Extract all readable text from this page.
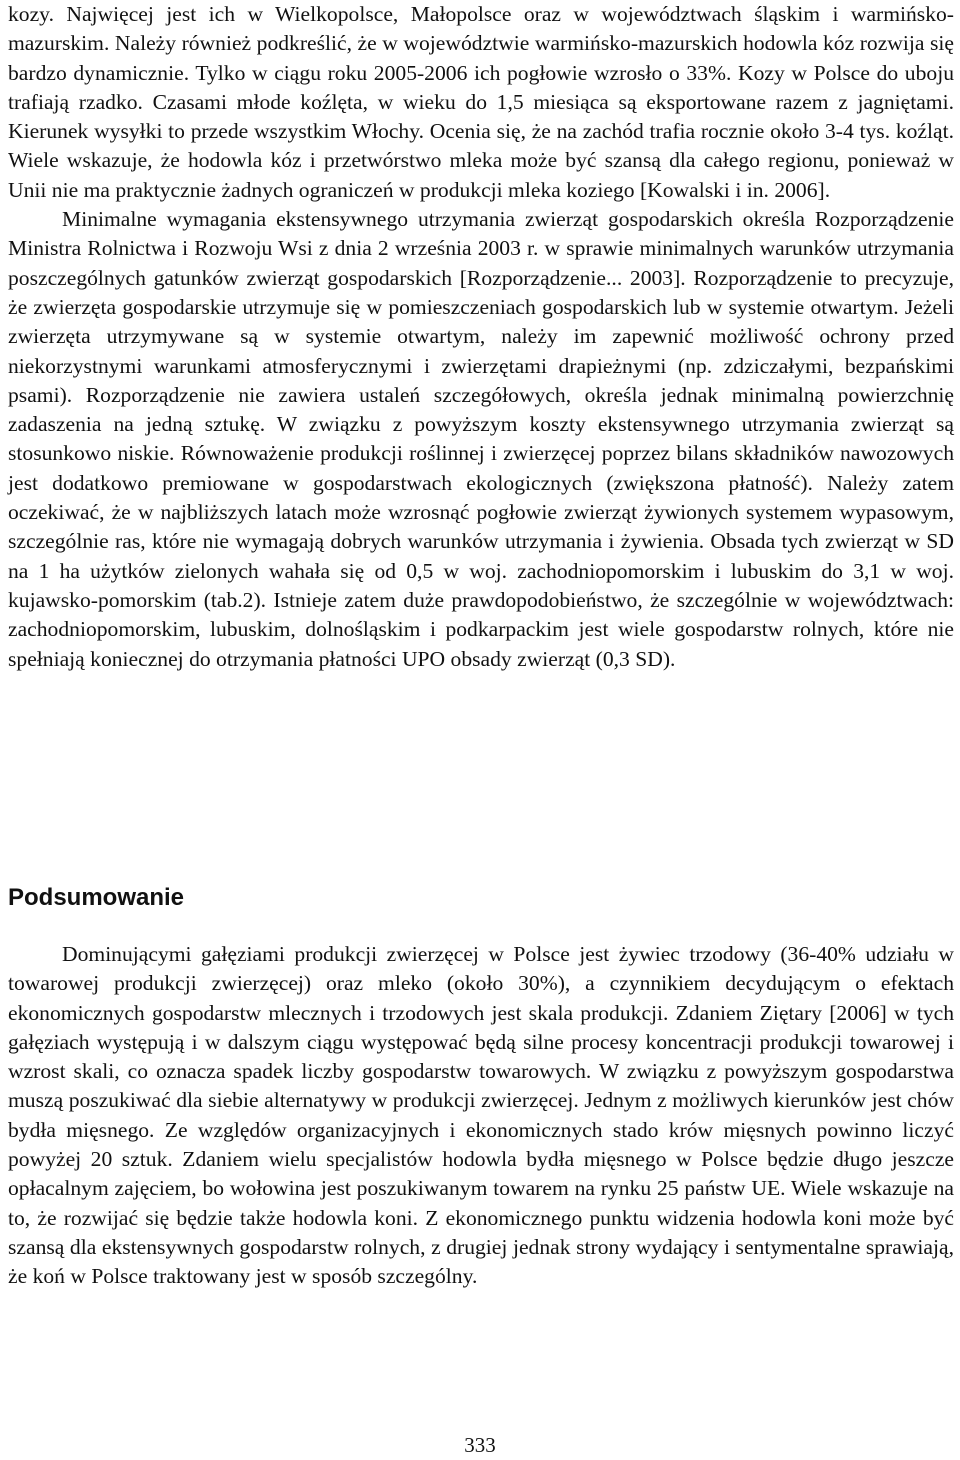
kozy. Najwięcej jest ich w Wielkopolsce, Małopolsce oraz w województwach śląskim i warmińsko-mazurskim. Należy również podkreślić, że w województwie warmińsko-mazurskich hodowla kóz rozwija się bardzo dynamicznie. Tylko w ciągu roku 2005-2006 ich pogłowie wzrosło o 33%. Kozy w Polsce do uboju trafiają rzadko. Czasami młode koźlęta, w wieku do 1,5 miesiąca są eksportowane razem z jagniętami. Kierunek wysyłki to przede wszystkim Włochy. Ocenia się, że na zachód trafia rocznie około 3-4 tys. koźląt. Wiele wskazuje, że hodowla kóz i przetwórstwo mleka może być szansą dla całego regionu, ponieważ w Unii nie ma praktycznie żadnych ograniczeń w produkcji mleka koziego [Kowalski i in. 2006].

Minimalne wymagania ekstensywnego utrzymania zwierząt gospodarskich określa Rozporządzenie Ministra Rolnictwa i Rozwoju Wsi z dnia 2 września 2003 r. w sprawie minimalnych warunków utrzymania poszczególnych gatunków zwierząt gospodarskich [Rozporządzenie... 2003]. Rozporządzenie to precyzuje, że zwierzęta gospodarskie utrzymuje się w pomieszczeniach gospodarskich lub w systemie otwartym. Jeżeli zwierzęta utrzymywane są w systemie otwartym, należy im zapewnić możliwość ochrony przed niekorzystnymi warunkami atmosferycznymi i zwierzętami drapieżnymi (np. zdziczałymi, bezpańskimi psami). Rozporządzenie nie zawiera ustaleń szczegółowych, określa jednak minimalną powierzchnię zadaszenia na jedną sztukę. W związku z powyższym koszty ekstensywnego utrzymania zwierząt są stosunkowo niskie. Równoważenie produkcji roślinnej i zwierzęcej poprzez bilans składników nawozowych jest dodatkowo premiowane w gospodarstwach ekologicznych (zwiększona płatność). Należy zatem oczekiwać, że w najbliższych latach może wzrosnąć pogłowie zwierząt żywionych systemem wypasowym, szczególnie ras, które nie wymagają dobrych warunków utrzymania i żywienia. Obsada tych zwierząt w SD na 1 ha użytków zielonych wahała się od 0,5 w woj. zachodniopomorskim i lubuskim do 3,1 w woj. kujawsko-pomorskim (tab.2). Istnieje zatem duże prawdopodobieństwo, że szczególnie w województwach: zachodniopomorskim, lubuskim, dolnośląskim i podkarpackim jest wiele gospodarstw rolnych, które nie spełniają koniecznej do otrzymania płatności UPO obsady zwierząt (0,3 SD).

Podsumowanie

Dominującymi gałęziami produkcji zwierzęcej w Polsce jest żywiec trzodowy (36-40% udziału w towarowej produkcji zwierzęcej) oraz mleko (około 30%), a czynnikiem decydującym o efektach ekonomicznych gospodarstw mlecznych i trzodowych jest skala produkcji. Zdaniem Ziętary [2006] w tych gałęziach występują i w dalszym ciągu występować będą silne procesy koncentracji produkcji towarowej i wzrost skali, co oznacza spadek liczby gospodarstw towarowych. W związku z powyższym gospodarstwa muszą poszukiwać dla siebie alternatywy w produkcji zwierzęcej. Jednym z możliwych kierunków jest chów bydła mięsnego. Ze względów organizacyjnych i ekonomicznych stado krów mięsnych powinno liczyć powyżej 20 sztuk. Zdaniem wielu specjalistów hodowla bydła mięsnego w Polsce będzie długo jeszcze opłacalnym zajęciem, bo wołowina jest poszukiwanym towarem na rynku 25 państw UE. Wiele wskazuje na to, że rozwijać się będzie także hodowla koni. Z ekonomicznego punktu widzenia hodowla koni może być szansą dla ekstensywnych gospodarstw rolnych, z drugiej jednak strony wydający i sentymentalne sprawiają, że koń w Polsce traktowany jest w sposób szczególny.

333
